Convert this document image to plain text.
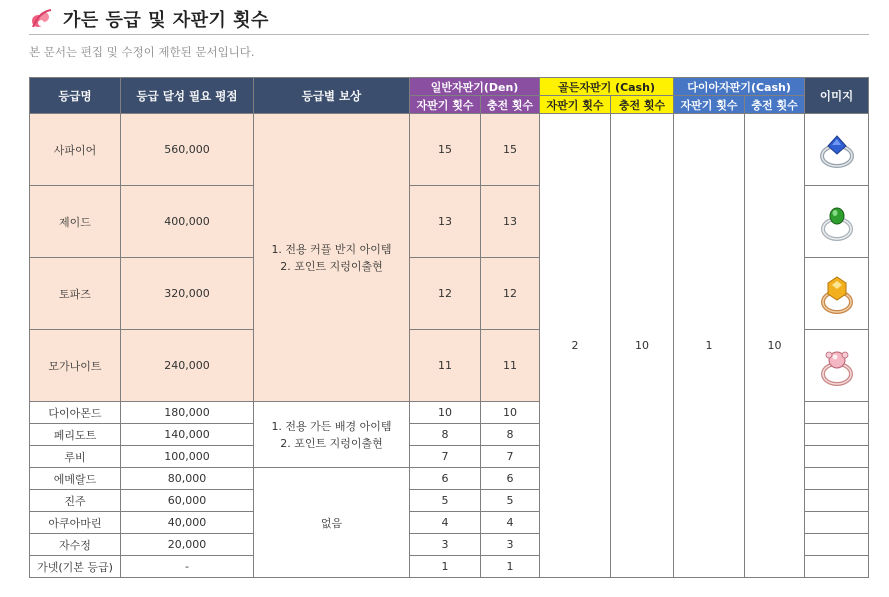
가든 등급 및 자판기 횟수
본 문서는 편집 및 수정이 제한된 문서입니다.
등급명	등급 달성 필요 평점	등급별 보상	일반자판기(Den)		골든자판기 (Cash)		다이아자판기(Cash)		이미지
			자판기 횟수	충전 횟수	자판기 횟수	충전 횟수	자판기 횟수	충전 횟수	
사파이어	560,000	1. 전용 커플 반지 아이템
2. 포인트 지렁이출현	15	15	2	10	1	10	

제이드	400,000		13	13	

토파즈	320,000		12	12	

모가나이트	240,000		11	11	

다이아몬드	180,000	1. 전용 가든 배경 아이템
2. 포인트 지렁이출현	10	10					
페리도트	140,000		8	8					
루비	100,000		7	7					
에메랄드	80,000	없음	6	6					
진주	60,000		5	5					
아쿠아마린	40,000		4	4					
자수정	20,000		3	3					
가넷(기본 등급)	-		1	1					
